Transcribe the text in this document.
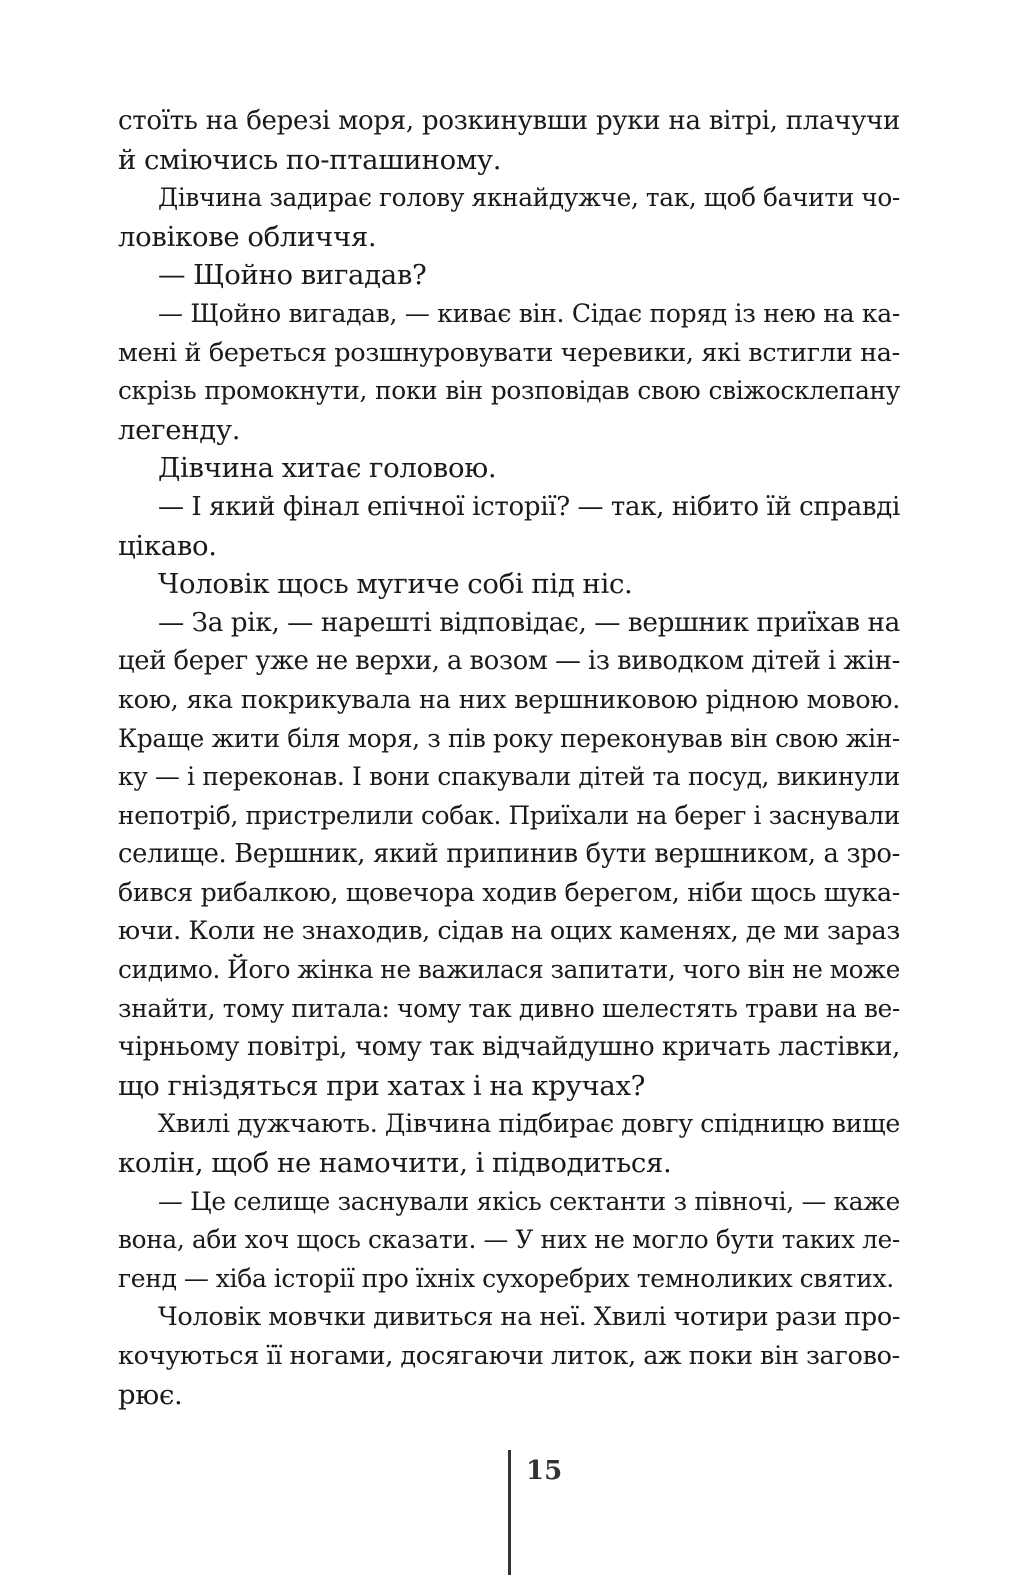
стоїть на березі моря, розкинувши руки на вітрі, плачучи
й сміючись по-пташиному.
Дівчина задирає голову якнайдужче, так, щоб бачити чо-
ловікове обличчя.
— Щойно вигадав?
— Щойно вигадав, — киває він. Сідає поряд із нею на ка-
мені й береться розшнуровувати черевики, які встигли на-
скрізь промокнути, поки він розповідав свою свіжосклепану
легенду.
Дівчина хитає головою.
— І який фінал епічної історії? — так, нібито їй справді
цікаво.
Чоловік щось мугиче собі під ніс.
— За рік, — нарешті відповідає, — вершник приїхав на
цей берег уже не верхи, а возом — із виводком дітей і жін-
кою, яка покрикувала на них вершниковою рідною мовою.
Краще жити біля моря, з пів року переконував він свою жін-
ку — і переконав. І вони спакували дітей та посуд, викинули
непотріб, пристрелили собак. Приїхали на берег і заснували
селище. Вершник, який припинив бути вершником, а зро-
бився рибалкою, щовечора ходив берегом, ніби щось шука-
ючи. Коли не знаходив, сідав на оцих каменях, де ми зараз
сидимо. Його жінка не важилася запитати, чого він не може
знайти, тому питала: чому так дивно шелестять трави на ве-
чірньому повітрі, чому так відчайдушно кричать ластівки,
що гніздяться при хатах і на кручах?
Хвилі дужчають. Дівчина підбирає довгу спідницю вище
колін, щоб не намочити, і підводиться.
— Це селище заснували якісь сектанти з півночі, — каже
вона, аби хоч щось сказати. — У них не могло бути таких ле-
генд — хіба історії про їхніх сухоребрих темноликих святих.
Чоловік мовчки дивиться на неї. Хвилі чотири рази про-
кочуються її ногами, досягаючи литок, аж поки він загово-
рює.
15
